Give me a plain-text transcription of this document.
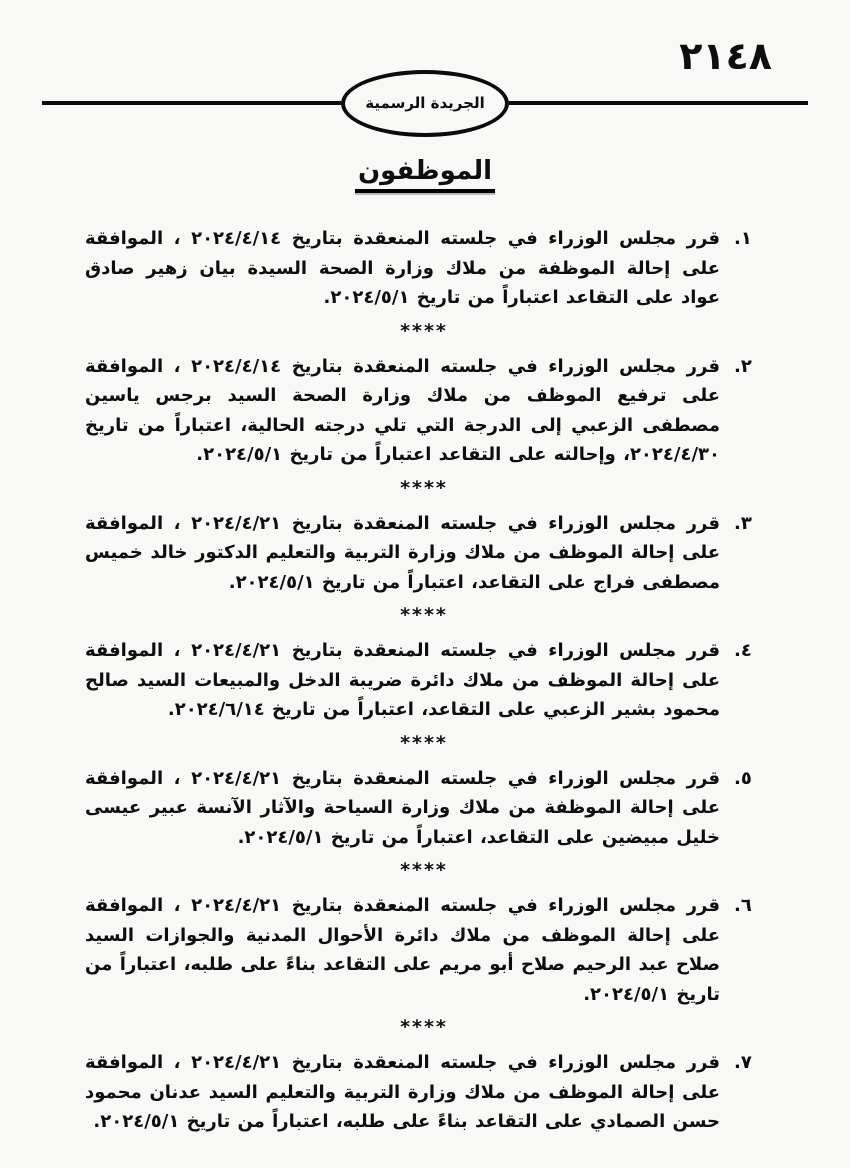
٢١٤٨
الجريدة الرسمية
الموظفون
١.

قرر مجلس الوزراء في جلسته المنعقدة بتاريخ ٢٠٢٤/٤/١٤ ، الموافقة على إحالة الموظفة من ملاك وزارة الصحة السيدة بيان زهير صادق عواد على التقاعد اعتباراً من تاريخ ٢٠٢٤/٥/١.

****
٢.

قرر مجلس الوزراء في جلسته المنعقدة بتاريخ ٢٠٢٤/٤/١٤ ، الموافقة على ترفيع الموظف من ملاك وزارة الصحة السيد برجس ياسين مصطفى الزعبي إلى الدرجة التي تلي درجته الحالية، اعتباراً من تاريخ ٢٠٢٤/٤/٣٠، وإحالته على التقاعد اعتباراً من تاريخ ٢٠٢٤/٥/١.

****
٣.

قرر مجلس الوزراء في جلسته المنعقدة بتاريخ ٢٠٢٤/٤/٢١ ، الموافقة على إحالة الموظف من ملاك وزارة التربية والتعليم الدكتور خالد خميس مصطفى فراج على التقاعد، اعتباراً من تاريخ ٢٠٢٤/٥/١.

****
٤.

قرر مجلس الوزراء في جلسته المنعقدة بتاريخ ٢٠٢٤/٤/٢١ ، الموافقة على إحالة الموظف من ملاك دائرة ضريبة الدخل والمبيعات السيد صالح محمود بشير الزعبي على التقاعد، اعتباراً من تاريخ ٢٠٢٤/٦/١٤.

****
٥.

قرر مجلس الوزراء في جلسته المنعقدة بتاريخ ٢٠٢٤/٤/٢١ ، الموافقة على إحالة الموظفة من ملاك وزارة السياحة والآثار الآنسة عبير عيسى خليل مبيضين على التقاعد، اعتباراً من تاريخ ٢٠٢٤/٥/١.

****
٦.

قرر مجلس الوزراء في جلسته المنعقدة بتاريخ ٢٠٢٤/٤/٢١ ، الموافقة على إحالة الموظف من ملاك دائرة الأحوال المدنية والجوازات السيد صلاح عبد الرحيم صلاح أبو مريم على التقاعد بناءً على طلبه، اعتباراً من تاريخ ٢٠٢٤/٥/١.

****
٧.

قرر مجلس الوزراء في جلسته المنعقدة بتاريخ ٢٠٢٤/٤/٢١ ، الموافقة على إحالة الموظف من ملاك وزارة التربية والتعليم السيد عدنان محمود حسن الصمادي على التقاعد بناءً على طلبه، اعتباراً من تاريخ ٢٠٢٤/٥/١.
